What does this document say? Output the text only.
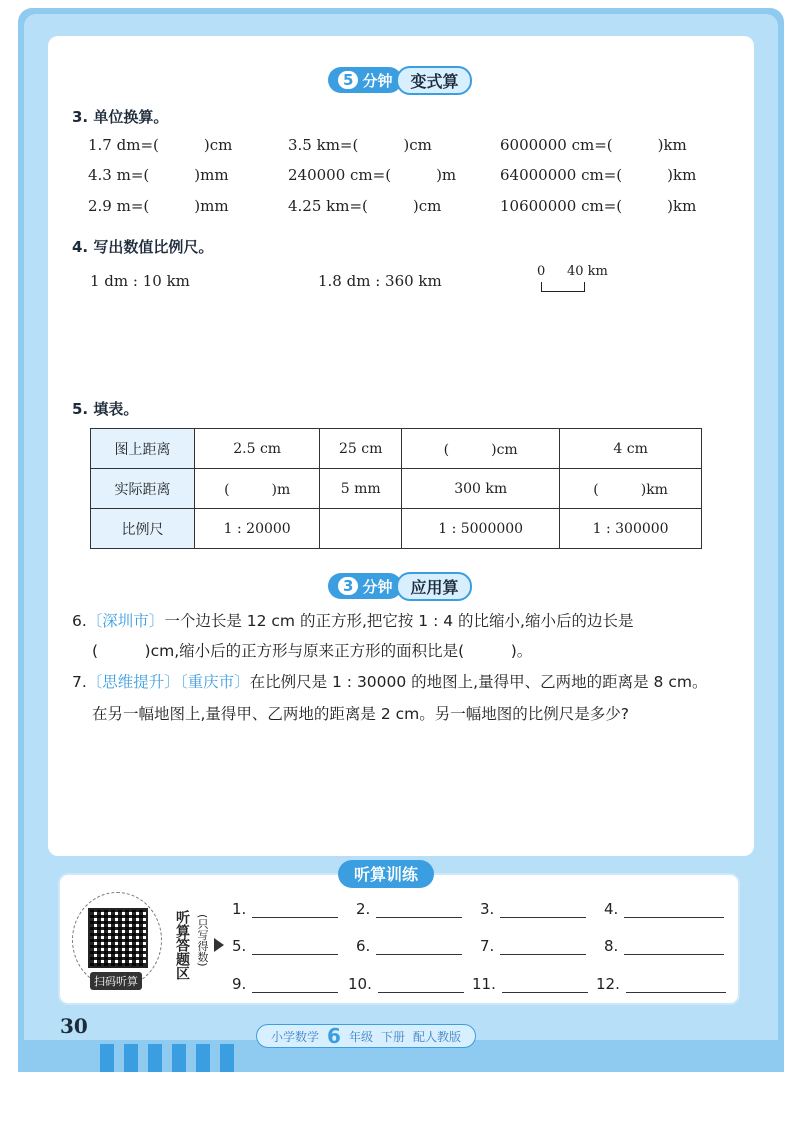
5 分钟	变式算
3. 单位换算。
1.7 dm=(　　　)cm	3.5 km=(　　　)cm	6000000 cm=(　　　)km
4.3 m=(　　　)mm	240000 cm=(　　　)m	64000000 cm=(　　　)km
2.9 m=(　　　)mm	4.25 km=(　　　)cm	10600000 cm=(　　　)km
4. 写出数值比例尺。
1 dm : 10 km	1.8 dm : 360 km
0 40 km
5. 填表。
图上距离	2.5 cm	25 cm	(　　　)cm	4 cm
实际距离	(　　　)m	5 mm	300 km	(　　　)km
比例尺	1 : 20000		1 : 5000000	1 : 300000
3 分钟	应用算
6.〔深圳市〕一个边长是 12 cm 的正方形,把它按 1 : 4 的比缩小,缩小后的边长是
(　　　)cm,缩小后的正方形与原来正方形的面积比是(　　　)。
7.〔思维提升〕〔重庆市〕在比例尺是 1 : 30000 的地图上,量得甲、乙两地的距离是 8 cm。
在另一幅地图上,量得甲、乙两地的距离是 2 cm。另一幅地图的比例尺是多少?
听算训练
扫码听算
听算答题区 (只写得数)
1.	2.	3.	4.
5.	6.	7.	8.
9.	10.	11.	12.
30	小学数学 6 年级 下册 配人教版
